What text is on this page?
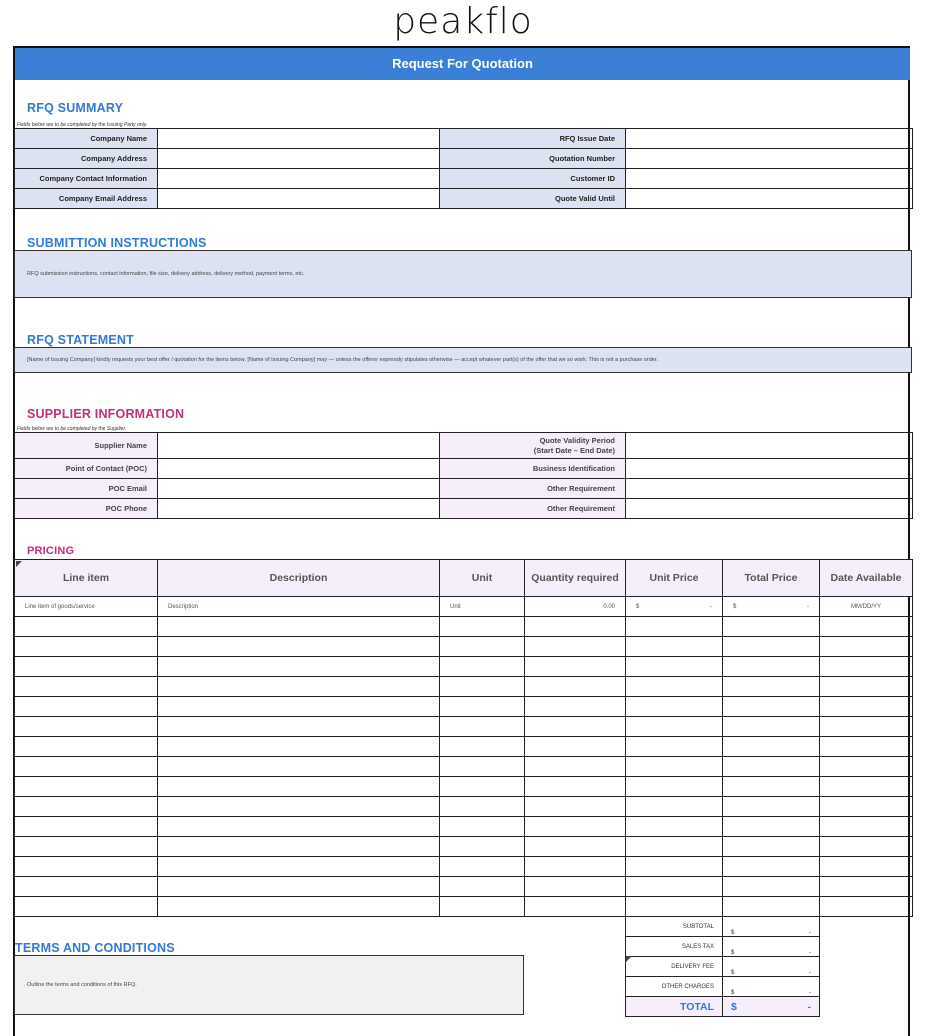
peakflo
Request For Quotation
RFQ SUMMARY
Fields below are to be completed by the Issuing Party only.
Company Name		RFQ Issue Date	
Company Address		Quotation Number	
Company Contact Information		Customer ID	
Company Email Address		Quote Valid Until	
SUBMITTION INSTRUCTIONS
RFQ submission instructions, contact information, file size, delivery address, delivery method, payment terms, etc.
RFQ STATEMENT
[Name of Issuing Company] kindly requests your best offer / quotation for the items below. [Name of Issuing Company] may — unless the offeror expressly stipulates otherwise — accept whatever part(s) of the offer that we so wish. This is not a purchase order.
SUPPLIER INFORMATION
Fields below are to be completed by the Supplier.
Supplier Name		Quote Validity Period
(Start Date – End Date)	

Point of Contact (POC)		Business Identification	
POC Email		Other Requirement	
POC Phone		Other Requirement	
PRICING
Line item	Description	Unit	Quantity required	Unit Price	Total Price	Date Available
Line item of goods/service	Description	Unit	0.00	$ -	$ -	MM/DD/YY

SUBTOTAL	$ -

SALES TAX	$ -

DELIVERY FEE	$ -

OTHER CHARGES	$ -

TOTAL	$ -
TERMS AND CONDITIONS
Outline the terms and conditions of this RFQ.
